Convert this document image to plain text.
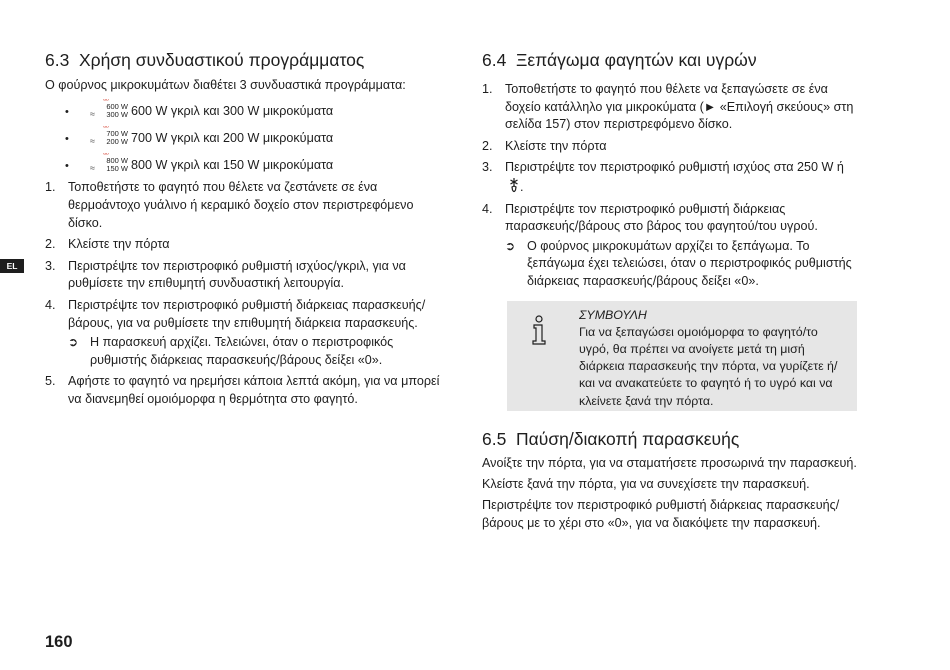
EL
6.3 Χρήση συνδυαστικού προγράμματος

Ο φούρνος μικροκυμάτων διαθέτει 3 συνδυαστικά προγράμματα:

•
ᵕᵕᵕ
≈
600 W
300 W 600 W γκριλ και 300 W μικροκύματα
•
ᵕᵕᵕ
≈
700 W
200 W 700 W γκριλ και 200 W μικροκύματα
•
ᵕᵕᵕ
≈
800 W
150 W 800 W γκριλ και 150 W μικροκύματα
1. Τοποθετήστε το φαγητό που θέλετε να ζεστάνετε σε ένα θερμοάντοχο γυάλινο ή κεραμικό δοχείο στον περιστρεφόμενο δίσκο.
2. Κλείστε την πόρτα
3. Περιστρέψτε τον περιστροφικό ρυθμιστή ισχύος/γκριλ, για να ρυθμίσετε την επιθυμητή συνδυαστική λειτουργία.
4. Περιστρέψτε τον περιστροφικό ρυθμιστή διάρκειας παρασκευής/βάρους, για να ρυθμίσετε την επιθυμητή διάρκεια παρασκευής.
➲ Η παρασκευή αρχίζει. Τελειώνει, όταν ο περιστροφικός ρυθμιστής διάρκειας παρασκευής/βάρους δείξει «0».
5. Αφήστε το φαγητό να ηρεμήσει κάποια λεπτά ακόμη, για να μπορεί να διανεμηθεί ομοιόμορφα η θερμότητα στο φαγητό.
6.4 Ξεπάγωμα φαγητών και υγρών
1. Τοποθετήστε το φαγητό που θέλετε να ξεπαγώσετε σε ένα δοχείο κατάλληλο για μικροκύματα (► «Επιλογή σκεύους» στη σελίδα 157) στον περιστρεφόμενο δίσκο.
2. Κλείστε την πόρτα
3. Περιστρέψτε τον περιστροφικό ρυθμιστή ισχύος στα 250 W ή .
4. Περιστρέψτε τον περιστροφικό ρυθμιστή διάρκειας παρασκευής/βάρους στο βάρος του φαγητού/του υγρού.
➲ Ο φούρνος μικροκυμάτων αρχίζει το ξεπάγωμα. Το ξεπάγωμα έχει τελειώσει, όταν ο περιστροφικός ρυθμιστής διάρκειας παρασκευής/βάρους δείξει «0».
ΣΥΜΒΟΥΛΗ
Για να ξεπαγώσει ομοιόμορφα το φαγητό/το υγρό, θα πρέπει να ανοίγετε μετά τη μισή διάρκεια παρασκευής την πόρτα, να γυρίζετε ή/και να ανακατεύετε το φαγητό ή το υγρό και να κλείνετε ξανά την πόρτα.
6.5 Παύση/διακοπή παρασκευής

Ανοίξτε την πόρτα, για να σταματήσετε προσωρινά την παρασκευή.

Κλείστε ξανά την πόρτα, για να συνεχίσετε την παρασκευή.

Περιστρέψτε τον περιστροφικό ρυθμιστή διάρκειας παρασκευής/βάρους με το χέρι στο «0», για να διακόψετε την παρασκευή.

160
